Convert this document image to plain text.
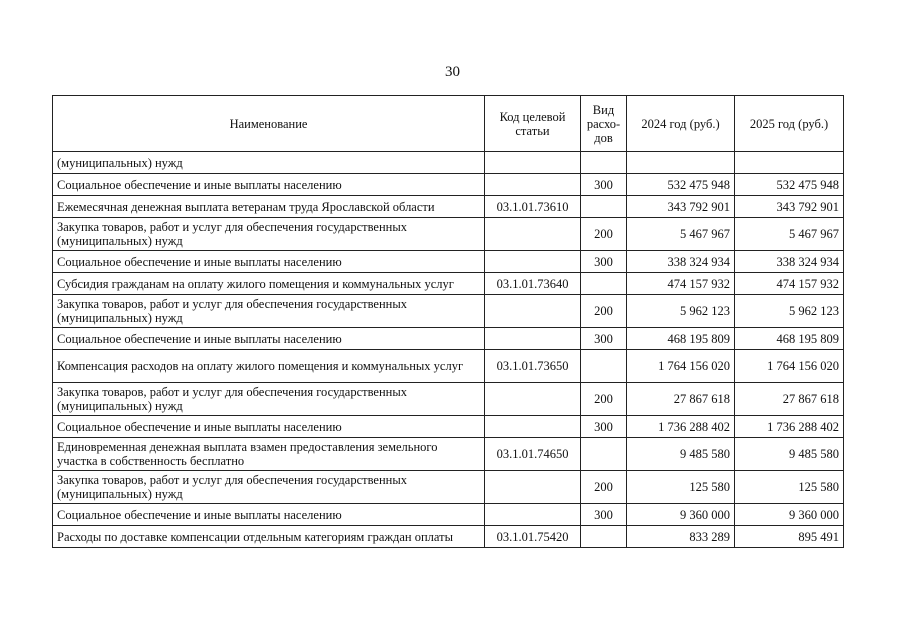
30
Наименование	Код целевой статьи	Вид расхо-дов	2024 год (руб.)	2025 год (руб.)
(муниципальных) нужд				
Социальное обеспечение и иные выплаты населению		300	532 475 948	532 475 948
Ежемесячная денежная выплата ветеранам труда Ярославской области	03.1.01.73610		343 792 901	343 792 901
Закупка товаров, работ и услуг для обеспечения государственных (муниципальных) нужд		200	5 467 967	5 467 967
Социальное обеспечение и иные выплаты населению		300	338 324 934	338 324 934
Субсидия гражданам на оплату жилого помещения и коммунальных услуг	03.1.01.73640		474 157 932	474 157 932
Закупка товаров, работ и услуг для обеспечения государственных (муниципальных) нужд		200	5 962 123	5 962 123
Социальное обеспечение и иные выплаты населению		300	468 195 809	468 195 809
Компенсация расходов на оплату жилого помещения и коммунальных услуг	03.1.01.73650		1 764 156 020	1 764 156 020
Закупка товаров, работ и услуг для обеспечения государственных (муниципальных) нужд		200	27 867 618	27 867 618
Социальное обеспечение и иные выплаты населению		300	1 736 288 402	1 736 288 402
Единовременная денежная выплата взамен предоставления земельного участка в собственность бесплатно	03.1.01.74650		9 485 580	9 485 580
Закупка товаров, работ и услуг для обеспечения государственных (муниципальных) нужд		200	125 580	125 580
Социальное обеспечение и иные выплаты населению		300	9 360 000	9 360 000
Расходы по доставке компенсации отдельным категориям граждан оплаты	03.1.01.75420		833 289	895 491
